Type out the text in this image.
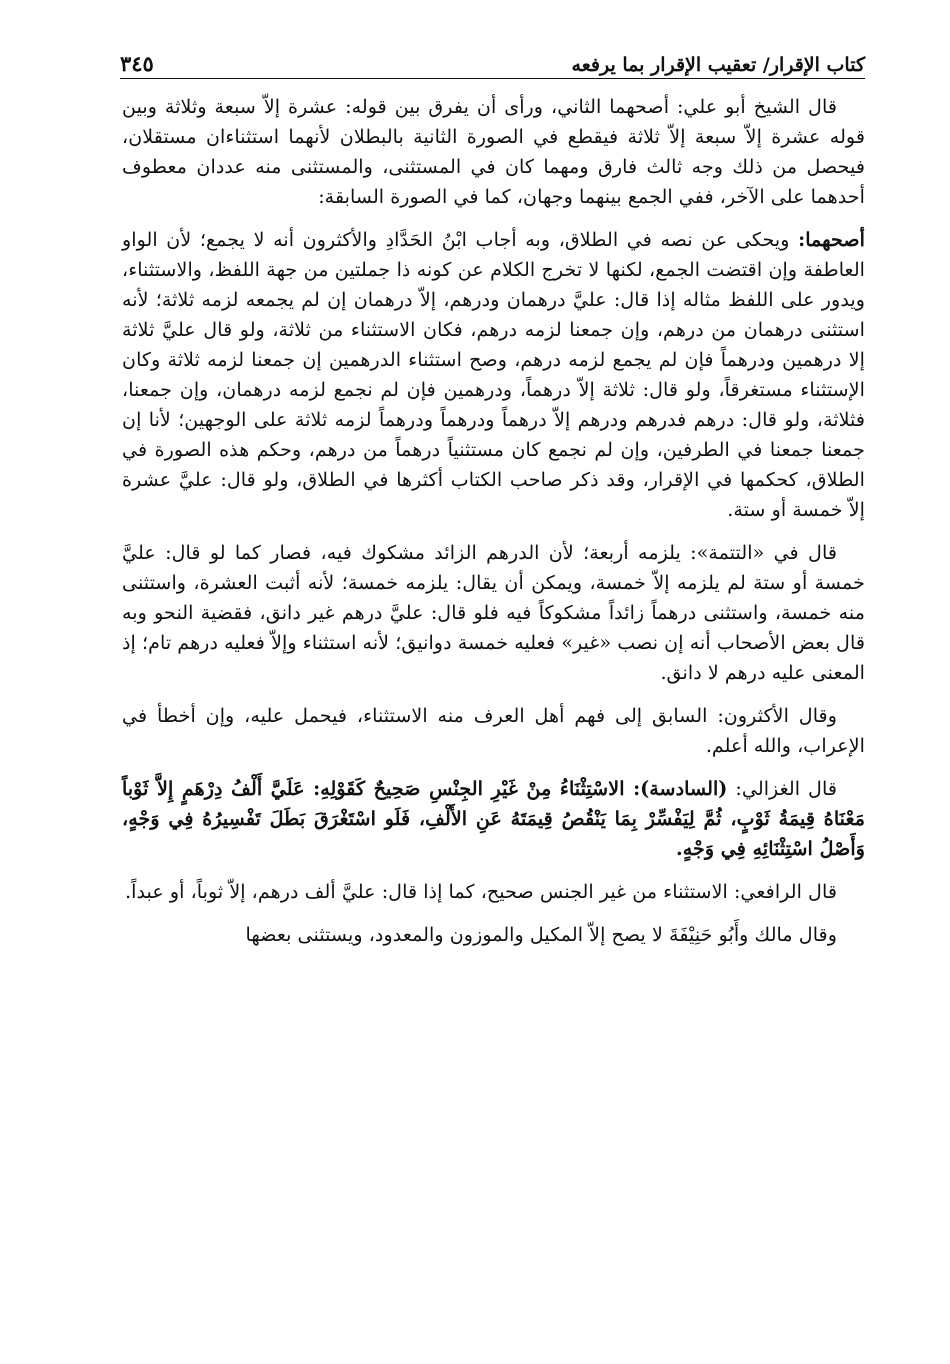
كتاب الإقرار/ تعقيب الإقرار بما يرفعه
٣٤٥

قال الشيخ أبو علي: أصحهما الثاني، ورأى أن يفرق بين قوله: عشرة إلاّ سبعة وثلاثة وبين قوله عشرة إلاّ سبعة إلاّ ثلاثة فيقطع في الصورة الثانية بالبطلان لأنهما استثناءان مستقلان، فيحصل من ذلك وجه ثالث فارق ومهما كان في المستثنى، والمستثنى منه عددان معطوف أحدهما على الآخر، ففي الجمع بينهما وجهان، كما في الصورة السابقة:

أصحهما: ويحكى عن نصه في الطلاق، وبه أجاب ابْنُ الحَدَّادِ والأكثرون أنه لا يجمع؛ لأن الواو العاطفة وإن اقتضت الجمع، لكنها لا تخرج الكلام عن كونه ذا جملتين من جهة اللفظ، والاستثناء، ويدور على اللفظ مثاله إذا قال: عليَّ درهمان ودرهم، إلاّ درهمان إن لم يجمعه لزمه ثلاثة؛ لأنه استثنى درهمان من درهم، وإن جمعنا لزمه درهم، فكان الاستثناء من ثلاثة، ولو قال عليَّ ثلاثة إلا درهمين ودرهماً فإن لم يجمع لزمه درهم، وصح استثناء الدرهمين إن جمعنا لزمه ثلاثة وكان الإستثناء مستغرقاً، ولو قال: ثلاثة إلاّ درهماً، ودرهمين فإن لم نجمع لزمه درهمان، وإن جمعنا، فثلاثة، ولو قال: درهم فدرهم ودرهم إلاّ درهماً ودرهماً ودرهماً لزمه ثلاثة على الوجهين؛ لأنا إن جمعنا جمعنا في الطرفين، وإن لم نجمع كان مستثنياً درهماً من درهم، وحكم هذه الصورة في الطلاق، كحكمها في الإقرار، وقد ذكر صاحب الكتاب أكثرها في الطلاق، ولو قال: عليَّ عشرة إلاّ خمسة أو ستة.

قال في «التتمة»: يلزمه أربعة؛ لأن الدرهم الزائد مشكوك فيه، فصار كما لو قال: عليَّ خمسة أو ستة لم يلزمه إلاّ خمسة، ويمكن أن يقال: يلزمه خمسة؛ لأنه أثبت العشرة، واستثنى منه خمسة، واستثنى درهماً زائداً مشكوكاً فيه فلو قال: عليَّ درهم غير دانق، فقضية النحو وبه قال بعض الأصحاب أنه إن نصب «غير» فعليه خمسة دوانيق؛ لأنه استثناء وإلاّ فعليه درهم تام؛ إذ المعنى عليه درهم لا دانق.

وقال الأكثرون: السابق إلى فهم أهل العرف منه الاستثناء، فيحمل عليه، وإن أخطأ في الإعراب، والله أعلم.

قال الغزالي: (السادسة): الاسْتِثْنَاءُ مِنْ غَيْرِ الجِنْسِ صَحِيحٌ كَقَوْلِهِ: عَلَيَّ أَلْفُ دِرْهَمٍ إِلاَّ ثَوْباً مَعْنَاهُ قِيمَةُ ثَوْبٍ، ثُمَّ لِيَفْسِّرْ بِمَا يَنْقُصُ قِيمَتَهُ عَنِ الأَلْفِ، فَلَو اسْتَغْرَقَ بَطَلَ تَفْسِيرُهُ فِي وَجْهٍ، وَأَصْلُ اسْتِثْنَائِهِ فِي وَجْهٍ.

قال الرافعي: الاستثناء من غير الجنس صحيح، كما إذا قال: عليَّ ألف درهم، إلاّ ثوباً، أو عبداً.

وقال مالك وأَبُو حَنِيْفَةَ لا يصح إلاّ المكيل والموزون والمعدود، ويستثنى بعضها
